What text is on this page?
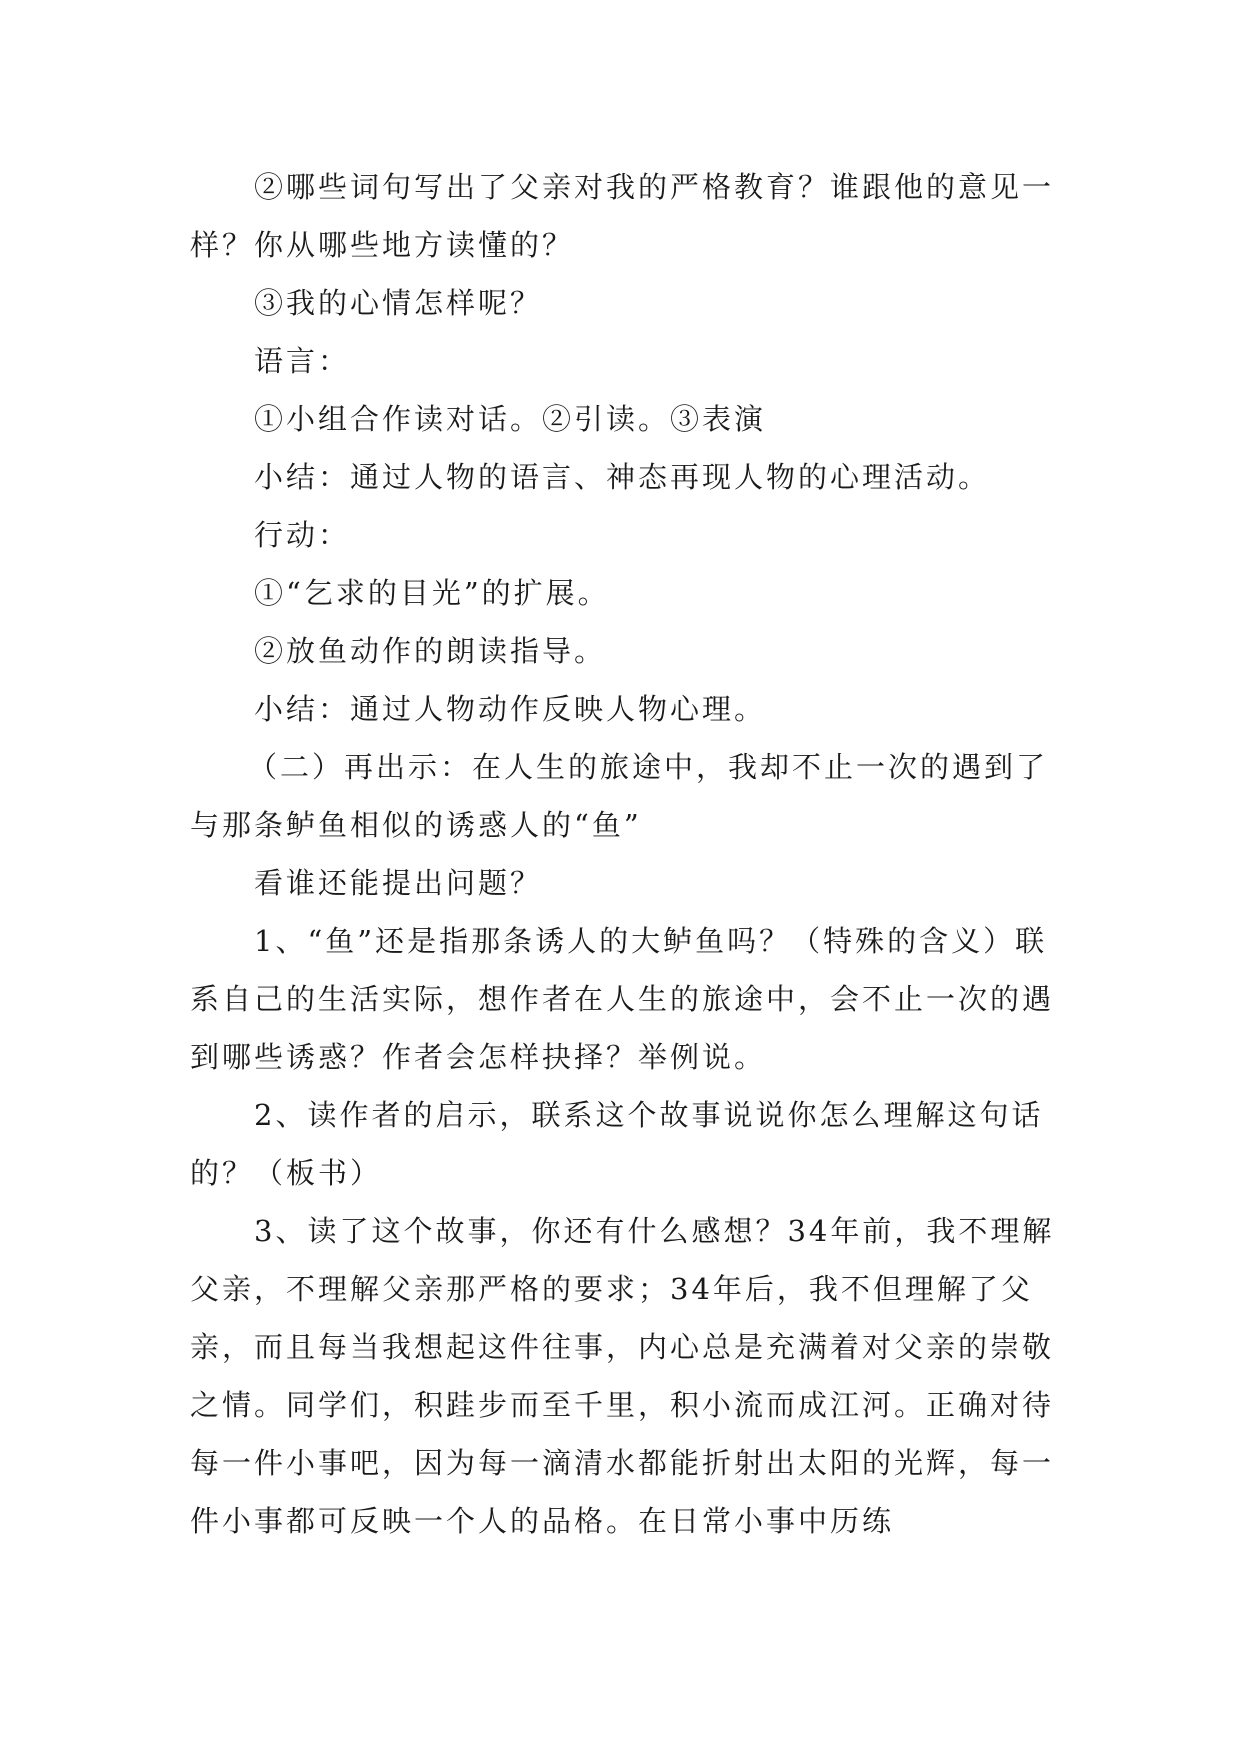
②哪些词句写出了父亲对我的严格教育？谁跟他的意见一样？你从哪些地方读懂的？

③我的心情怎样呢？

语言：

①小组合作读对话。②引读。③表演

小结：通过人物的语言、神态再现人物的心理活动。

行动：

①“乞求的目光”的扩展。

②放鱼动作的朗读指导。

小结：通过人物动作反映人物心理。

（二）再出示：在人生的旅途中，我却不止一次的遇到了与那条鲈鱼相似的诱惑人的“鱼”

看谁还能提出问题？

1、“鱼”还是指那条诱人的大鲈鱼吗？（特殊的含义）联系自己的生活实际，想作者在人生的旅途中，会不止一次的遇到哪些诱惑？作者会怎样抉择？举例说。

2、读作者的启示，联系这个故事说说你怎么理解这句话的？（板书）

3、读了这个故事，你还有什么感想？34年前，我不理解父亲，不理解父亲那严格的要求；34年后，我不但理解了父亲，而且每当我想起这件往事，内心总是充满着对父亲的崇敬之情。同学们，积跬步而至千里，积小流而成江河。正确对待每一件小事吧，因为每一滴清水都能折射出太阳的光辉，每一件小事都可反映一个人的品格。在日常小事中历练
